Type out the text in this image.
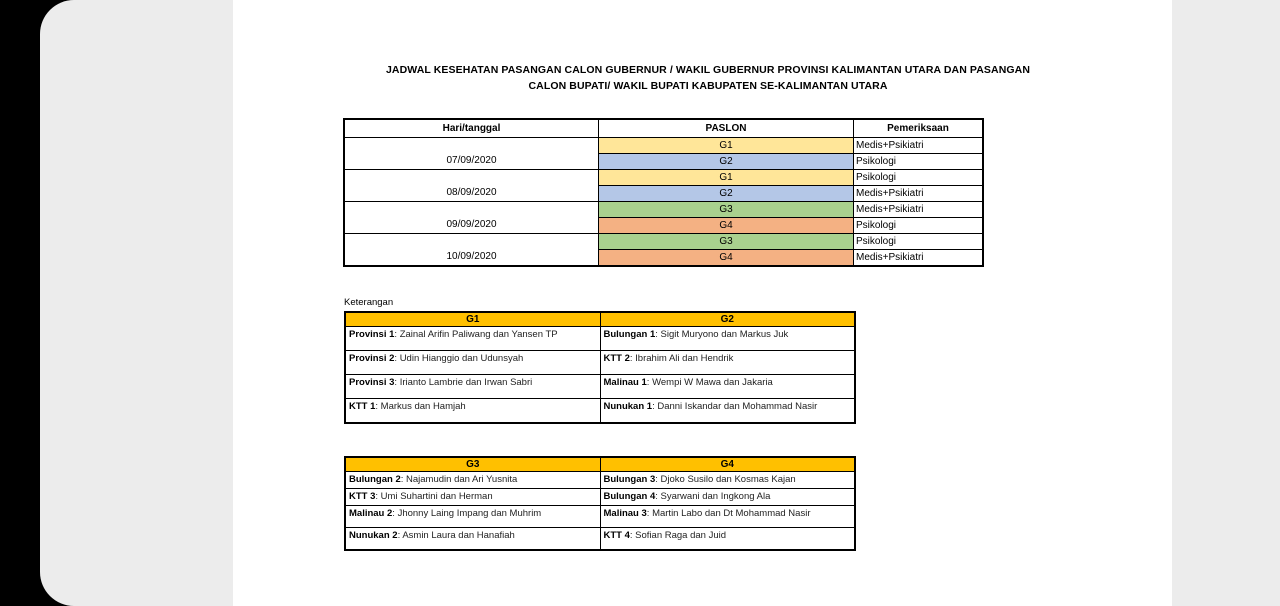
JADWAL KESEHATAN PASANGAN CALON GUBERNUR / WAKIL GUBERNUR PROVINSI KALIMANTAN UTARA DAN PASANGAN
CALON BUPATI/ WAKIL BUPATI KABUPATEN SE-KALIMANTAN UTARA
Hari/tanggal	PASLON	Pemeriksaan
07/09/2020	G1	Medis+Psikiatri
	G2	Psikologi
08/09/2020	G1	Psikologi
	G2	Medis+Psikiatri
09/09/2020	G3	Medis+Psikiatri
	G4	Psikologi
10/09/2020	G3	Psikologi
	G4	Medis+Psikiatri
Keterangan
G1	G2
Provinsi 1: Zainal Arifin Paliwang dan Yansen TP	Bulungan 1: Sigit Muryono dan Markus Juk
Provinsi 2: Udin Hianggio dan Udunsyah	KTT 2: Ibrahim Ali dan Hendrik
Provinsi 3: Irianto Lambrie dan Irwan Sabri	Malinau 1: Wempi W Mawa dan Jakaria
KTT 1: Markus dan Hamjah	Nunukan 1: Danni Iskandar dan Mohammad Nasir
G3	G4
Bulungan 2: Najamudin dan Ari Yusnita	Bulungan 3: Djoko Susilo dan Kosmas Kajan
KTT 3: Umi Suhartini dan Herman	Bulungan 4: Syarwani dan Ingkong Ala
Malinau 2: Jhonny Laing Impang dan Muhrim	Malinau 3: Martin Labo dan Dt Mohammad Nasir
Nunukan 2: Asmin Laura dan Hanafiah	KTT 4: Sofian Raga dan Juid
